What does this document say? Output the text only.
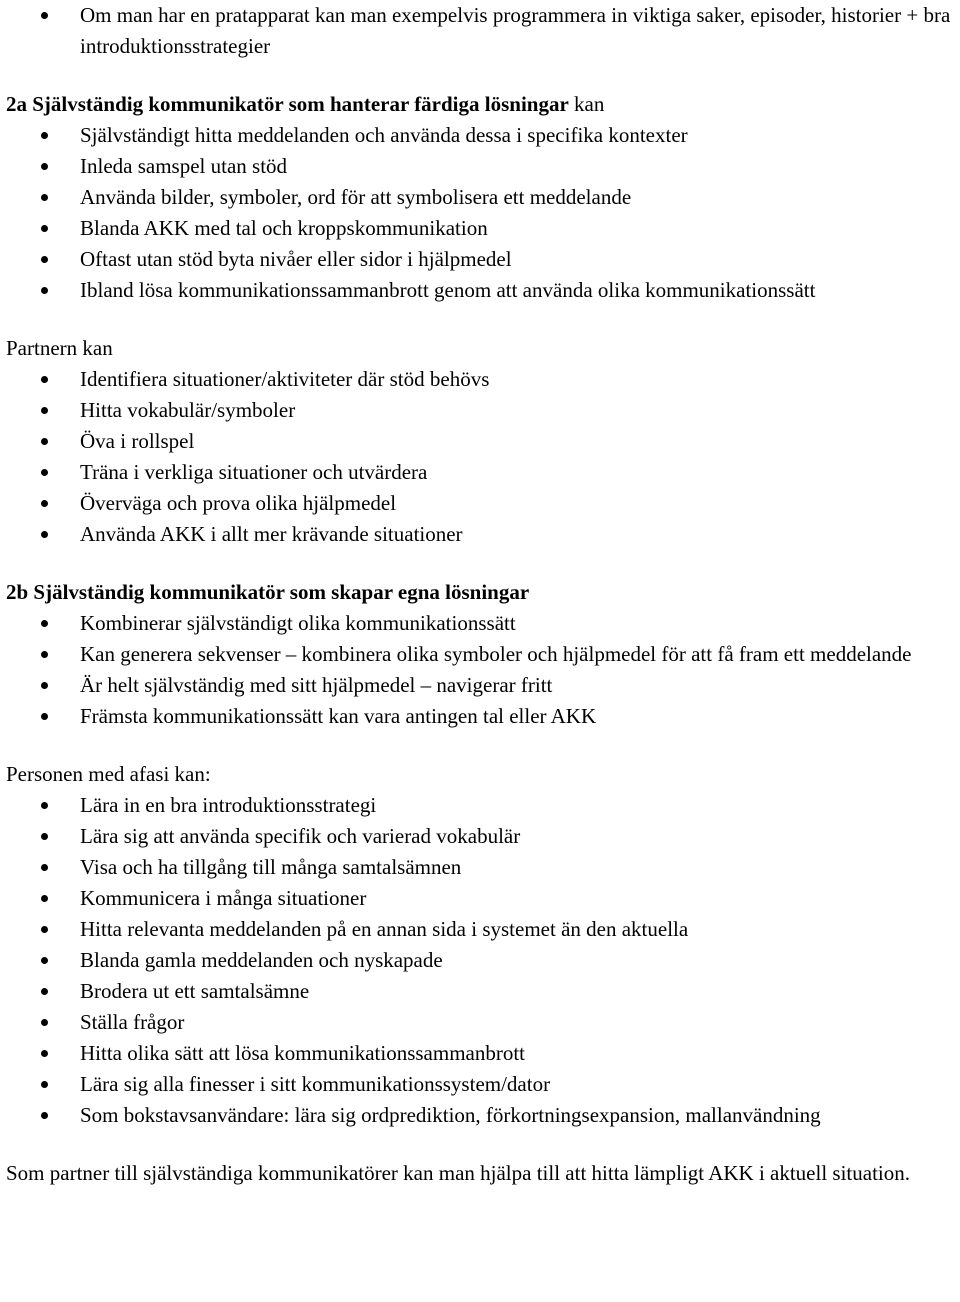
Om man har en pratapparat kan man exempelvis programmera in viktiga saker, episoder, historier + bra introduktionsstrategier
2a Självständig kommunikatör som hanterar färdiga lösningar kan
Självständigt hitta meddelanden och använda dessa i specifika kontexter
Inleda samspel utan stöd
Använda bilder, symboler, ord för att symbolisera ett meddelande
Blanda AKK med tal och kroppskommunikation
Oftast utan stöd byta nivåer eller sidor i hjälpmedel
Ibland lösa kommunikationssammanbrott genom att använda olika kommunikationssätt
Partnern kan
Identifiera situationer/aktiviteter där stöd behövs
Hitta vokabulär/symboler
Öva i rollspel
Träna i verkliga situationer och utvärdera
Överväga och prova olika hjälpmedel
Använda AKK i allt mer krävande situationer
2b Självständig kommunikatör som skapar egna lösningar
Kombinerar självständigt olika kommunikationssätt
Kan generera sekvenser – kombinera olika symboler och hjälpmedel för att få fram ett meddelande
Är helt självständig med sitt hjälpmedel – navigerar fritt
Främsta kommunikationssätt kan vara antingen tal eller AKK
Personen med afasi kan:
Lära in en bra introduktionsstrategi
Lära sig att använda specifik och varierad vokabulär
Visa och ha tillgång till många samtalsämnen
Kommunicera i många situationer
Hitta relevanta meddelanden på en annan sida i systemet än den aktuella
Blanda gamla meddelanden och nyskapade
Brodera ut ett samtalsämne
Ställa frågor
Hitta olika sätt att lösa kommunikationssammanbrott
Lära sig alla finesser i sitt kommunikationssystem/dator
Som bokstavsanvändare: lära sig ordprediktion, förkortningsexpansion, mallanvändning
Som partner till självständiga kommunikatörer kan man hjälpa till att hitta lämpligt AKK i aktuell situation.
